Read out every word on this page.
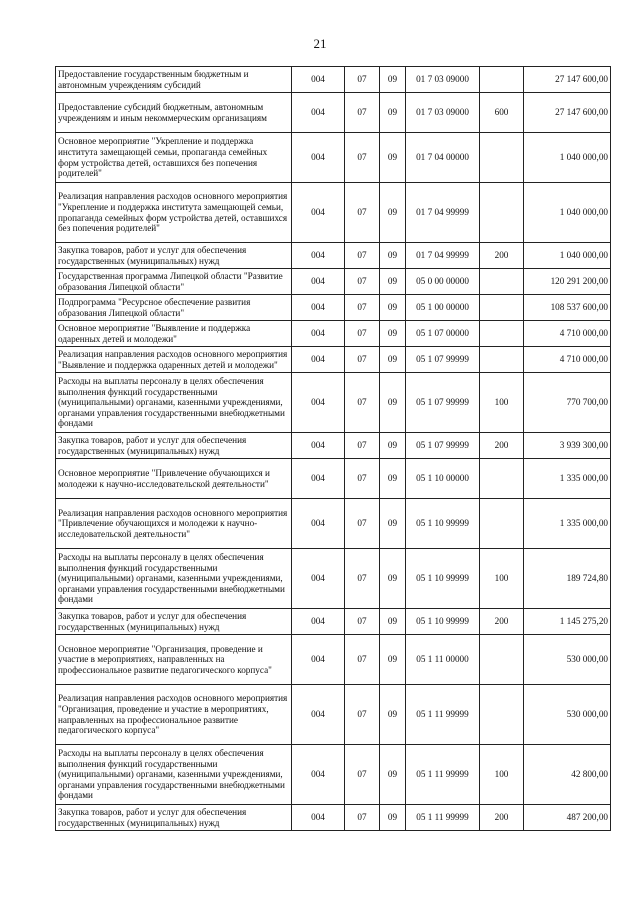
21
Предоставление государственным бюджетным и автономным учреждениям субсидий	004	07	09	01 7 03 09000		27 147 600,00
Предоставление субсидий бюджетным, автономным учреждениям и иным некоммерческим организациям	004	07	09	01 7 03 09000	600	27 147 600,00
Основное мероприятие "Укрепление и поддержка института замещающей семьи, пропаганда семейных форм устройства детей, оставшихся без попечения родителей"	004	07	09	01 7 04 00000		1 040 000,00
Реализация направления расходов основного мероприятия "Укрепление и поддержка института замещающей семьи, пропаганда семейных форм устройства детей, оставшихся без попечения родителей"	004	07	09	01 7 04 99999		1 040 000,00
Закупка товаров, работ и услуг для обеспечения государственных (муниципальных) нужд	004	07	09	01 7 04 99999	200	1 040 000,00
Государственная программа Липецкой области "Развитие образования Липецкой области"	004	07	09	05 0 00 00000		120 291 200,00
Подпрограмма "Ресурсное обеспечение развития образования Липецкой области"	004	07	09	05 1 00 00000		108 537 600,00
Основное мероприятие "Выявление и поддержка одаренных детей и молодежи"	004	07	09	05 1 07 00000		4 710 000,00
Реализация направления расходов основного мероприятия "Выявление и поддержка одаренных детей и молодежи"	004	07	09	05 1 07 99999		4 710 000,00
Расходы на выплаты персоналу в целях обеспечения выполнения функций государственными (муниципальными) органами, казенными учреждениями, органами управления государственными внебюджетными фондами	004	07	09	05 1 07 99999	100	770 700,00
Закупка товаров, работ и услуг для обеспечения государственных (муниципальных) нужд	004	07	09	05 1 07 99999	200	3 939 300,00
Основное мероприятие "Привлечение обучающихся и молодежи к научно-исследовательской деятельности"	004	07	09	05 1 10 00000		1 335 000,00
Реализация направления расходов основного мероприятия "Привлечение обучающихся и молодежи к научно-исследовательской деятельности"	004	07	09	05 1 10 99999		1 335 000,00
Расходы на выплаты персоналу в целях обеспечения выполнения функций государственными (муниципальными) органами, казенными учреждениями, органами управления государственными внебюджетными фондами	004	07	09	05 1 10 99999	100	189 724,80
Закупка товаров, работ и услуг для обеспечения государственных (муниципальных) нужд	004	07	09	05 1 10 99999	200	1 145 275,20
Основное мероприятие "Организация, проведение и участие в мероприятиях, направленных на профессиональное развитие педагогического корпуса"	004	07	09	05 1 11 00000		530 000,00
Реализация направления расходов основного мероприятия "Организация, проведение и участие в мероприятиях, направленных на профессиональное развитие педагогического корпуса"	004	07	09	05 1 11 99999		530 000,00
Расходы на выплаты персоналу в целях обеспечения выполнения функций государственными (муниципальными) органами, казенными учреждениями, органами управления государственными внебюджетными фондами	004	07	09	05 1 11 99999	100	42 800,00
Закупка товаров, работ и услуг для обеспечения государственных (муниципальных) нужд	004	07	09	05 1 11 99999	200	487 200,00
